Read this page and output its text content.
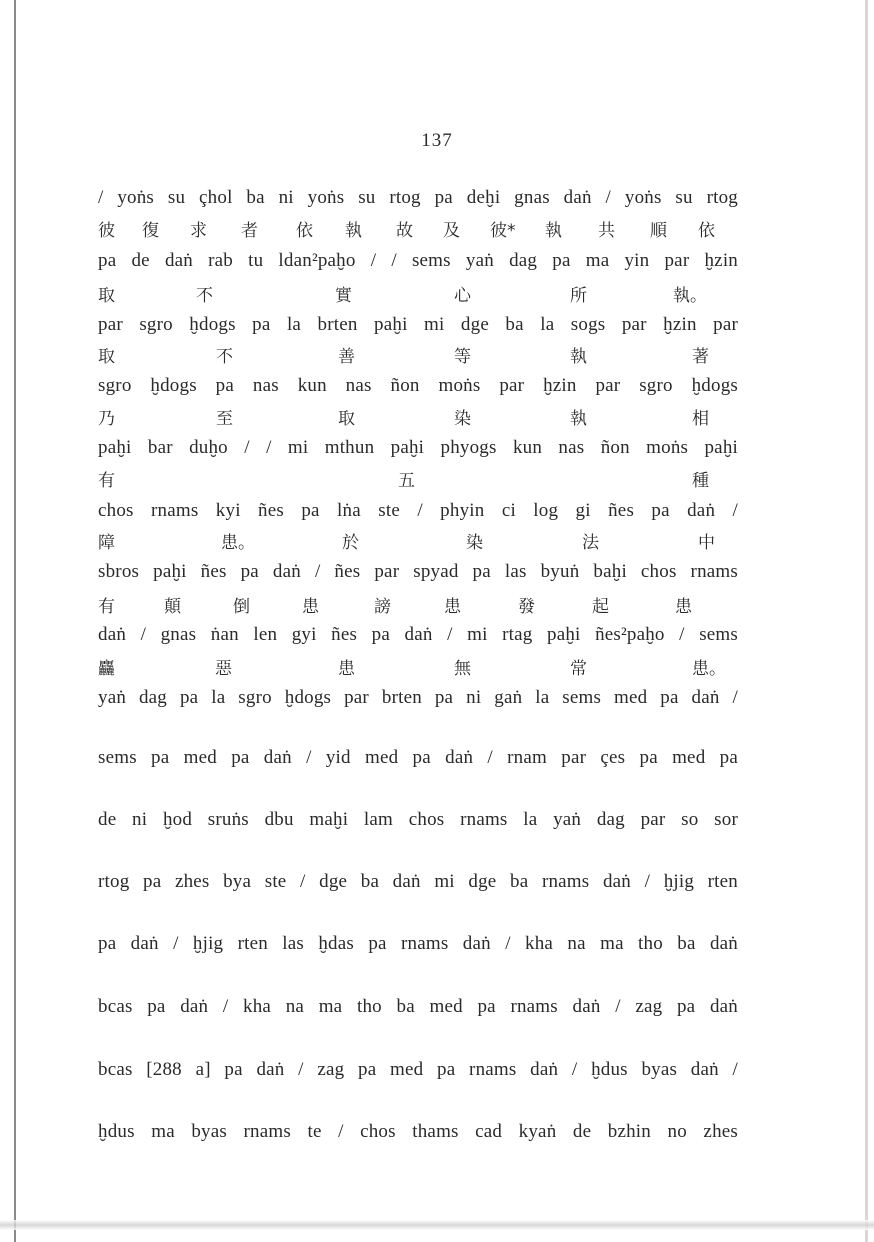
137
/ yoṅs su çhol ba ni yoṅs su rtog pa deḫi gnas daṅ / yoṅs su rtog
彼 復 求 者 依 執 故 及 彼* 執 共 順 依
pa de daṅ rab tu ldan²paḫo / / sems yaṅ dag pa ma yin par ḫzin
取	不	實	心	所	執。
par sgro ḫdogs pa la brten paḫi mi dge ba la sogs par ḫzin par
取	不	善	等	執	著
sgro ḫdogs pa nas kun nas ñon moṅs par ḫzin par sgro ḫdogs
乃	至	取	染	執	相
paḫi bar duḫo / / mi mthun paḫi phyogs kun nas ñon moṅs paḫi
有	五	種
chos rnams kyi ñes pa lṅa ste / phyin ci log gi ñes pa daṅ /
障	患。	於	染	法	中
sbros paḫi ñes pa daṅ / ñes par spyad pa las byuṅ baḫi chos rnams
有	顛	倒	患	謗	患	發	起	患
daṅ / gnas ṅan len gyi ñes pa daṅ / mi rtag paḫi ñes²paḫo / sems
麤	惡	患	無	常	患。
yaṅ dag pa la sgro ḫdogs par brten pa ni gaṅ la sems med pa daṅ /
sems pa med pa daṅ / yid med pa daṅ / rnam par çes pa med pa
de ni ḫod sruṅs dbu maḫi lam chos rnams la yaṅ dag par so sor
rtog pa zhes bya ste / dge ba daṅ mi dge ba rnams daṅ / ḫjig rten
pa daṅ / ḫjig rten las ḫdas pa rnams daṅ / kha na ma tho ba daṅ
bcas pa daṅ / kha na ma tho ba med pa rnams daṅ / zag pa daṅ
bcas [288 a] pa daṅ / zag pa med pa rnams daṅ / ḫdus byas daṅ /
ḫdus ma byas rnams te / chos thams cad kyaṅ de bzhin no zhes
